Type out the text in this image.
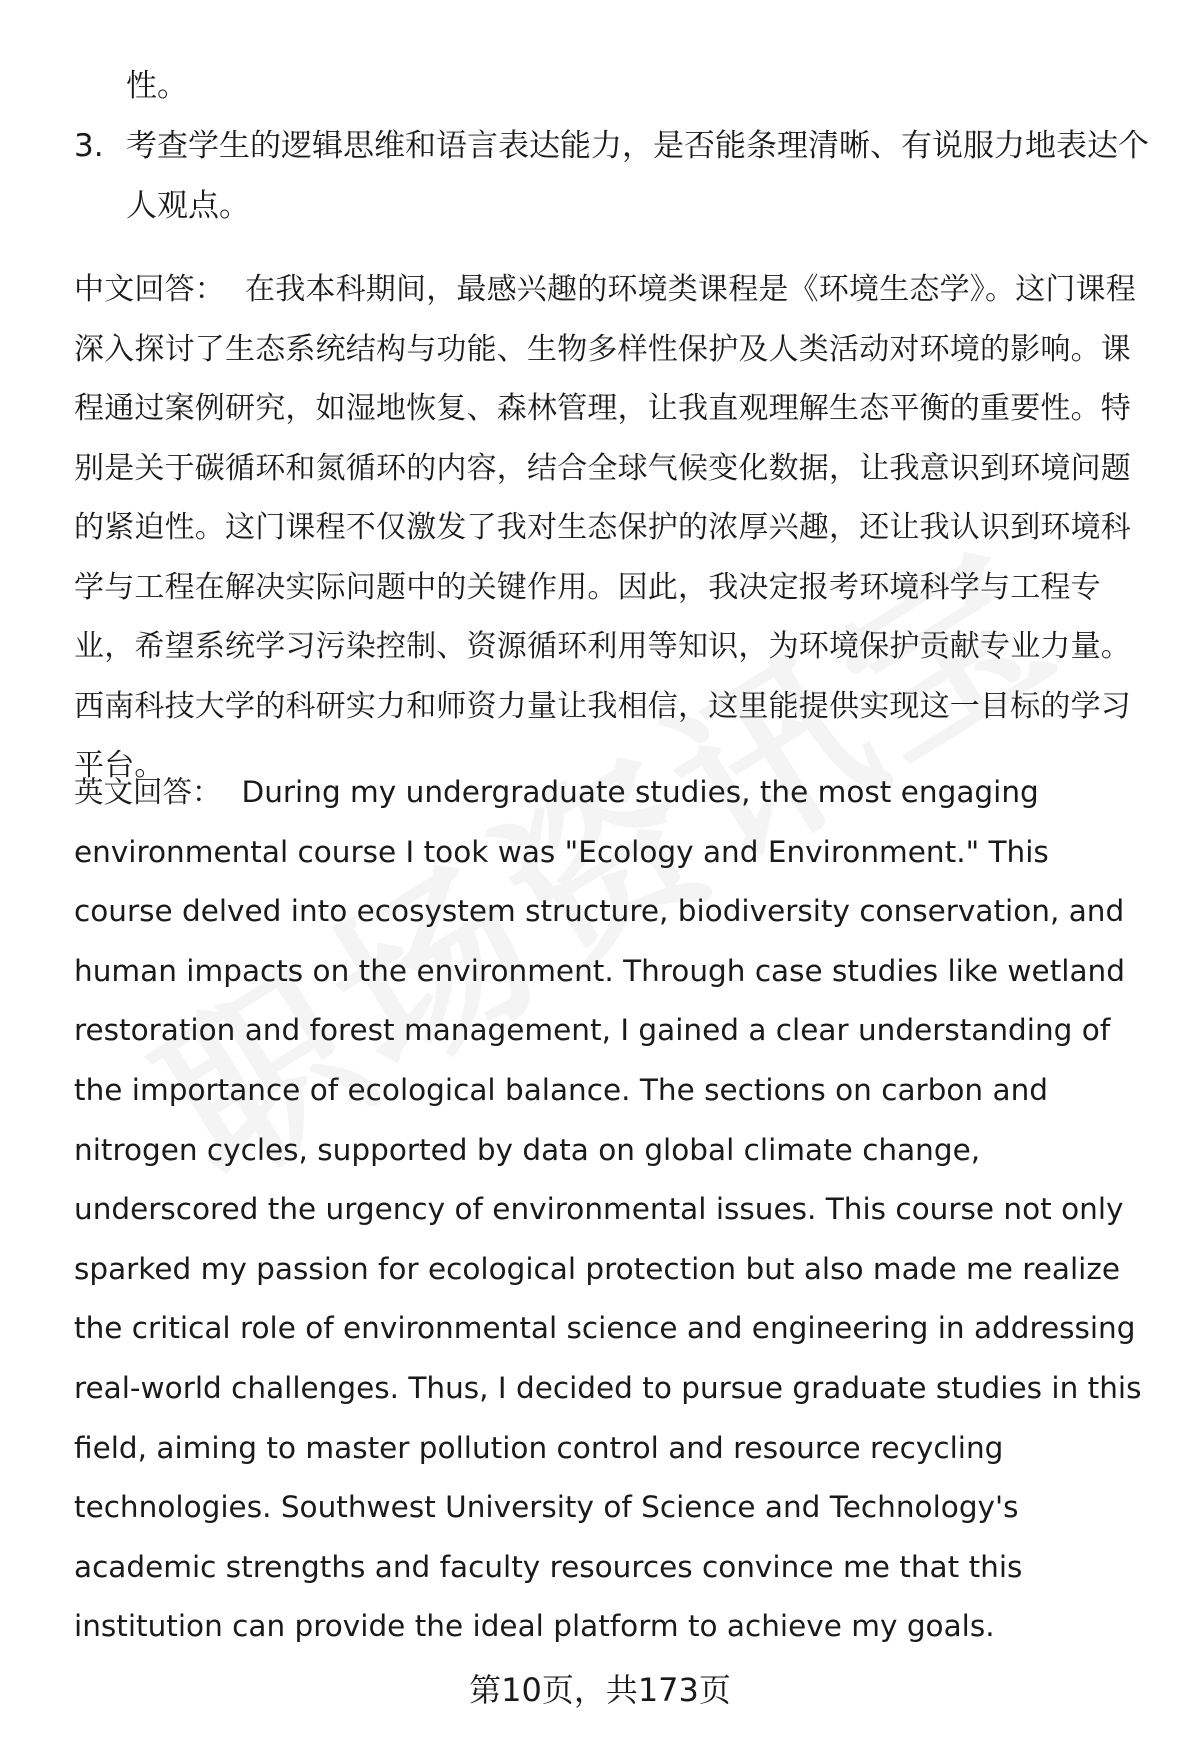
性。
3. 考查学生的逻辑思维和语言表达能力，是否能条理清晰、有说服力地表达个人观点。
中文回答： 在我本科期间，最感兴趣的环境类课程是《环境生态学》。这门课程深入探讨了生态系统结构与功能、生物多样性保护及人类活动对环境的影响。课程通过案例研究，如湿地恢复、森林管理，让我直观理解生态平衡的重要性。特别是关于碳循环和氮循环的内容，结合全球气候变化数据，让我意识到环境问题的紧迫性。这门课程不仅激发了我对生态保护的浓厚兴趣，还让我认识到环境科学与工程在解决实际问题中的关键作用。因此，我决定报考环境科学与工程专业，希望系统学习污染控制、资源循环利用等知识，为环境保护贡献专业力量。西南科技大学的科研实力和师资力量让我相信，这里能提供实现这一目标的学习平台。
英文回答： During my undergraduate studies, the most engaging environmental course I took was "Ecology and Environment." This course delved into ecosystem structure, biodiversity conservation, and human impacts on the environment. Through case studies like wetland restoration and forest management, I gained a clear understanding of the importance of ecological balance. The sections on carbon and nitrogen cycles, supported by data on global climate change, underscored the urgency of environmental issues. This course not only sparked my passion for ecological protection but also made me realize the critical role of environmental science and engineering in addressing real-world challenges. Thus, I decided to pursue graduate studies in this field, aiming to master pollution control and resource recycling technologies. Southwest University of Science and Technology's academic strengths and faculty resources convince me that this institution can provide the ideal platform to achieve my goals.
第10页，共173页
